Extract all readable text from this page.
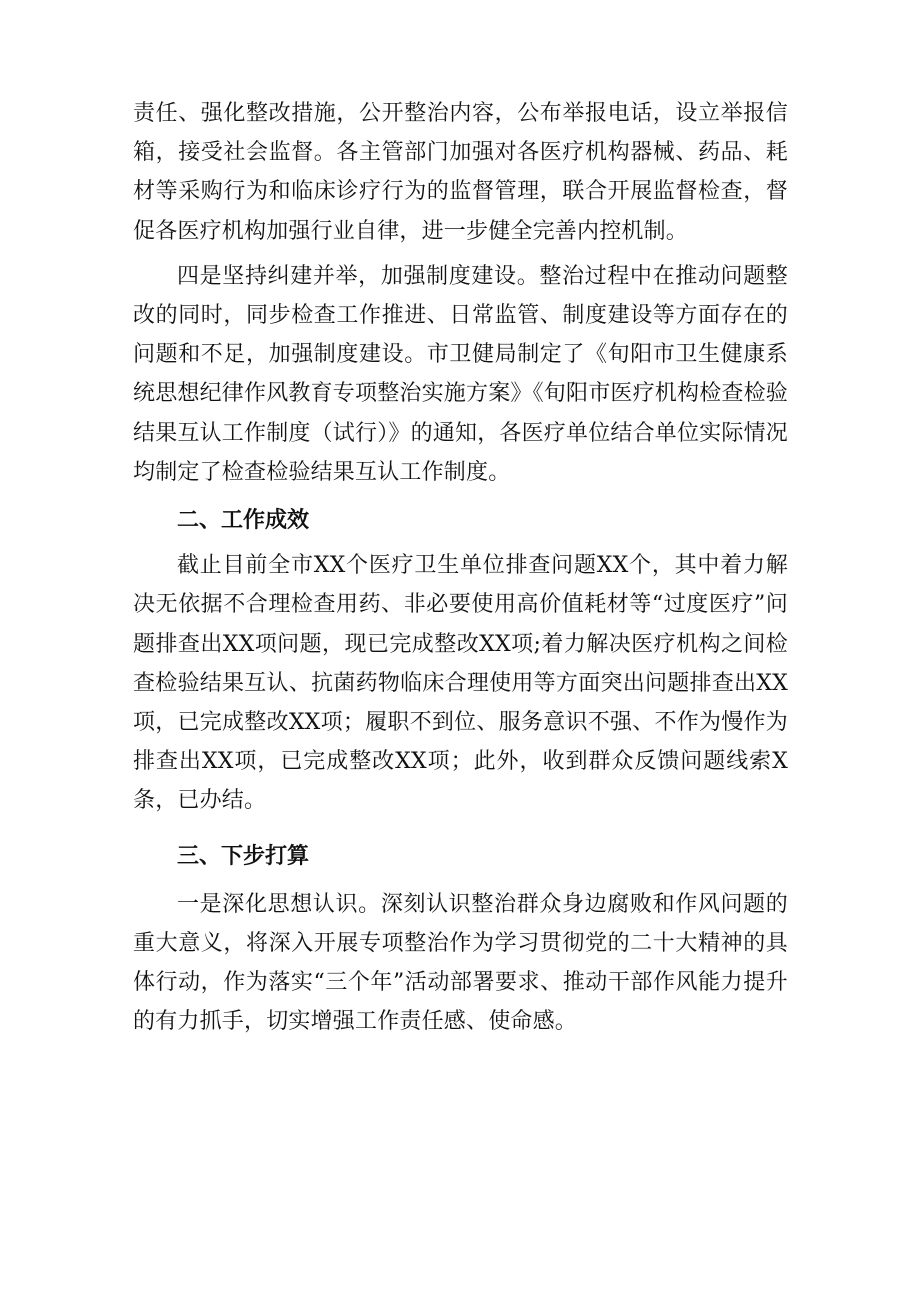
责任、强化整改措施，公开整治内容，公布举报电话，设立举报信箱，接受社会监督。各主管部门加强对各医疗机构器械、药品、耗材等采购行为和临床诊疗行为的监督管理，联合开展监督检查，督促各医疗机构加强行业自律，进一步健全完善内控机制。

四是坚持纠建并举，加强制度建设。整治过程中在推动问题整改的同时，同步检查工作推进、日常监管、制度建设等方面存在的问题和不足，加强制度建设。市卫健局制定了《旬阳市卫生健康系统思想纪律作风教育专项整治实施方案》《旬阳市医疗机构检查检验结果互认工作制度（试行）》的通知，各医疗单位结合单位实际情况均制定了检查检验结果互认工作制度。

二、工作成效

截止目前全市XX个医疗卫生单位排查问题XX个，其中着力解决无依据不合理检查用药、非必要使用高价值耗材等“过度医疗”问题排查出XX项问题，现已完成整改XX项;着力解决医疗机构之间检查检验结果互认、抗菌药物临床合理使用等方面突出问题排查出XX项，已完成整改XX项；履职不到位、服务意识不强、不作为慢作为排查出XX项，已完成整改XX项；此外，收到群众反馈问题线索X条，已办结。

三、下步打算

一是深化思想认识。深刻认识整治群众身边腐败和作风问题的重大意义，将深入开展专项整治作为学习贯彻党的二十大精神的具体行动，作为落实“三个年”活动部署要求、推动干部作风能力提升的有力抓手，切实增强工作责任感、使命感。
